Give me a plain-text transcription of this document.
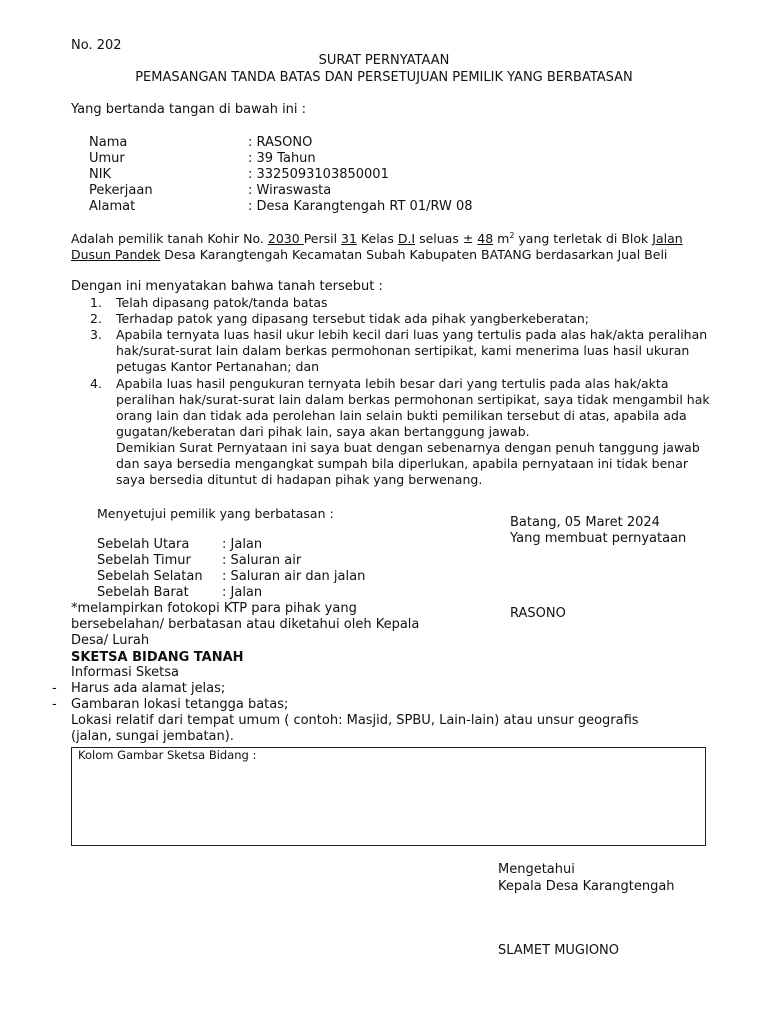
No. 202
SURAT PERNYATAAN
PEMASANGAN TANDA BATAS DAN PERSETUJUAN PEMILIK YANG BERBATASAN
Yang bertanda tangan di bawah ini :
Nama	: RASONO
Umur	: 39 Tahun
NIK	: 3325093103850001
Pekerjaan	: Wiraswasta
Alamat	: Desa Karangtengah RT 01/RW 08
Adalah pemilik tanah Kohir No. 2030 Persil 31 Kelas D.I seluas ± 48 $m^2$ yang terletak di Blok Jalan
Dusun Pandek Desa Karangtengah Kecamatan Subah Kabupaten BATANG berdasarkan Jual Beli
Dengan ini menyatakan bahwa tanah tersebut :
1. Telah dipasang patok/tanda batas
2. Terhadap patok yang dipasang tersebut tidak ada pihak yangberkeberatan;
3. Apabila ternyata luas hasil ukur lebih kecil dari luas yang tertulis pada alas hak/akta peralihan
hak/surat-surat lain dalam berkas permohonan sertipikat, kami menerima luas hasil ukuran
petugas Kantor Pertanahan; dan
4. Apabila luas hasil pengukuran ternyata lebih besar dari yang tertulis pada alas hak/akta
peralihan hak/surat-surat lain dalam berkas permohonan sertipikat, saya tidak mengambil hak
orang lain dan tidak ada perolehan lain selain bukti pemilikan tersebut di atas, apabila ada
gugatan/keberatan dari pihak lain, saya akan bertanggung jawab.
Demikian Surat Pernyataan ini saya buat dengan sebenarnya dengan penuh tanggung jawab
dan saya bersedia mengangkat sumpah bila diperlukan, apabila pernyataan ini tidak benar
saya bersedia dituntut di hadapan pihak yang berwenang.
Menyetujui pemilik yang berbatasan :
Sebelah Utara	: Jalan
Sebelah Timur : Saluran air
Sebelah Selatan : Saluran air dan jalan
Sebelah Barat	: Jalan
Batang, 05 Maret 2024
Yang membuat pernyataan
RASONO
*melampirkan fotokopi KTP para pihak yang
bersebelahan/ berbatasan atau diketahui oleh Kepala
Desa/ Lurah
SKETSA BIDANG TANAH
Informasi Sketsa
- Harus ada alamat jelas;
- Gambaran lokasi tetangga batas;
Lokasi relatif dari tempat umum ( contoh: Masjid, SPBU, Lain-lain) atau unsur geografis
(jalan, sungai jembatan).
Kolom Gambar Sketsa Bidang :
Mengetahui
Kepala Desa Karangtengah
SLAMET MUGIONO
